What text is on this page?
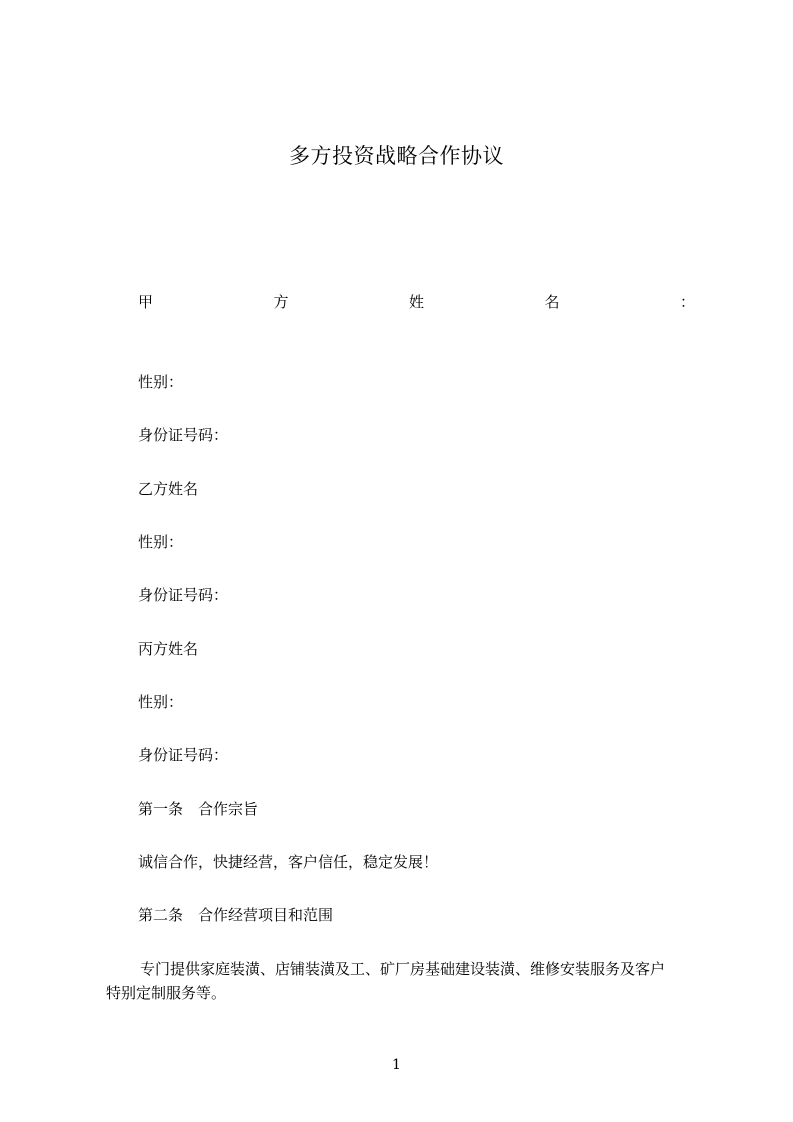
多方投资战略合作协议
甲	方	姓	名	：
性别：
身份证号码：
乙方姓名
性别：
身份证号码：
丙方姓名
性别：
身份证号码：
第一条 合作宗旨
诚信合作，快捷经营，客户信任，稳定发展！
第二条 合作经营项目和范围
专门提供家庭装潢、店铺装潢及工、矿厂房基础建设装潢、维修安装服务及客户
特别定制服务等。
1
